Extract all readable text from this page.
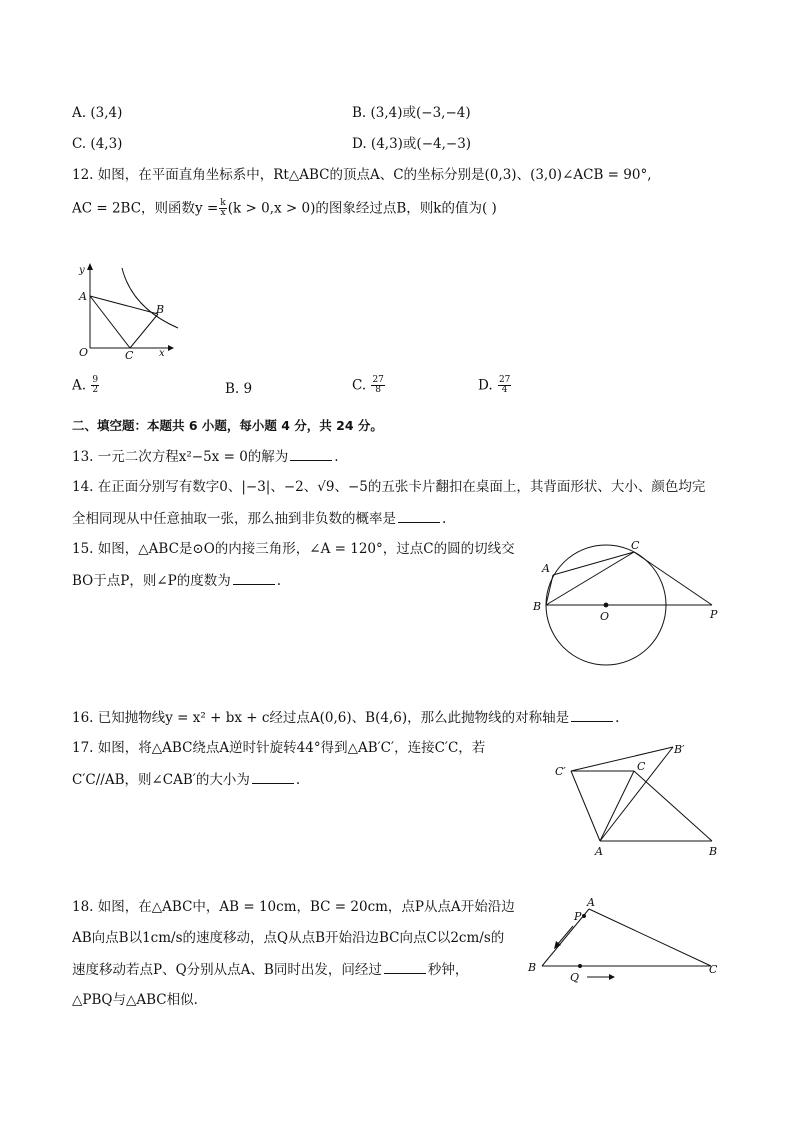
A. (3,4)	B. (3,4)或(−3,−4)
C. (4,3)	D. (4,3)或(−4,−3)
12. 如图，在平面直角坐标系中，Rt△ABC的顶点A、C的坐标分别是(0,3)、(3,0)∠ACB = 90°,
AC = 2BC，则函数$y = \frac{k}{x} (k > 0,x > 0)$的图象经过点B，则k的值为( )
y
A
B
O	C	x
A. $\frac{9}{2}$	B. 9	C. $\frac{27}{8}$	D. $\frac{27}{4}$
二、填空题：本题共 6 小题，每小题 4 分，共 24 分。
13. 一元二次方程x²−5x = 0的解为	.
14. 在正面分别写有数字0、|−3|、−2、√9、−5的五张卡片翻扣在桌面上，其背面形状、大小、颜色均完
全相同现从中任意抽取一张，那么抽到非负数的概率是	.
15. 如图，△ABC是⊙O的内接三角形，∠A = 120°，过点C的圆的切线交
BO于点P，则∠P的度数为	.
A
B
C
O	P
16. 已知抛物线y = x² + bx + c经过点A(0,6)、B(4,6)，那么此抛物线的对称轴是	.
17. 如图，将△ABC绕点A逆时针旋转44°得到△AB′C′，连接C′C，若
C′C//AB，则∠CAB′的大小为	.
C′	C
B′
A	B
18. 如图，在△ABC中，AB = 10cm，BC = 20cm，点P从点A开始沿边
AB向点B以1cm/s的速度移动，点Q从点B开始沿边BC向点C以2cm/s的
速度移动若点P、Q分别从点A、B同时出发，问经过	秒钟，
△PBQ与△ABC相似.
A
P
B
Q
C
